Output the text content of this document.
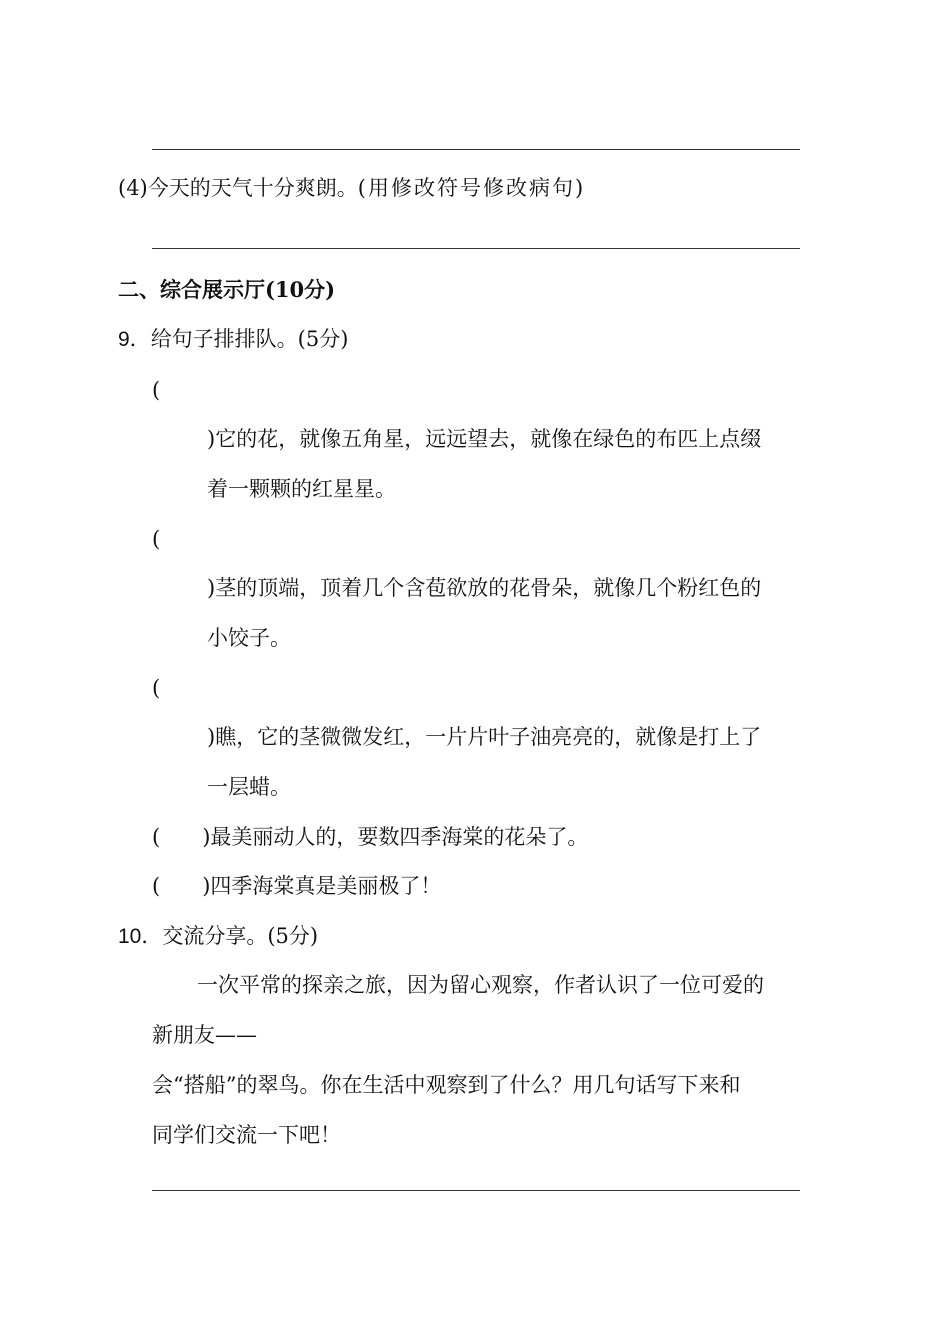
(4)今天的天气十分爽朗。(用修改符号修改病句)
二、综合展示厅(10分)
9．给句子排排队。(5分)
(
)它的花，就像五角星，远远望去，就像在绿色的布匹上点缀
着一颗颗的红星星。
(
)茎的顶端，顶着几个含苞欲放的花骨朵，就像几个粉红色的
小饺子。
(
)瞧，它的茎微微发红，一片片叶子油亮亮的，就像是打上了
一层蜡。
(　　)最美丽动人的，要数四季海棠的花朵了。
(　　)四季海棠真是美丽极了！
10．交流分享。(5分)
一次平常的探亲之旅，因为留心观察，作者认识了一位可爱的
新朋友——
会“搭船”的翠鸟。你在生活中观察到了什么？用几句话写下来和
同学们交流一下吧！
